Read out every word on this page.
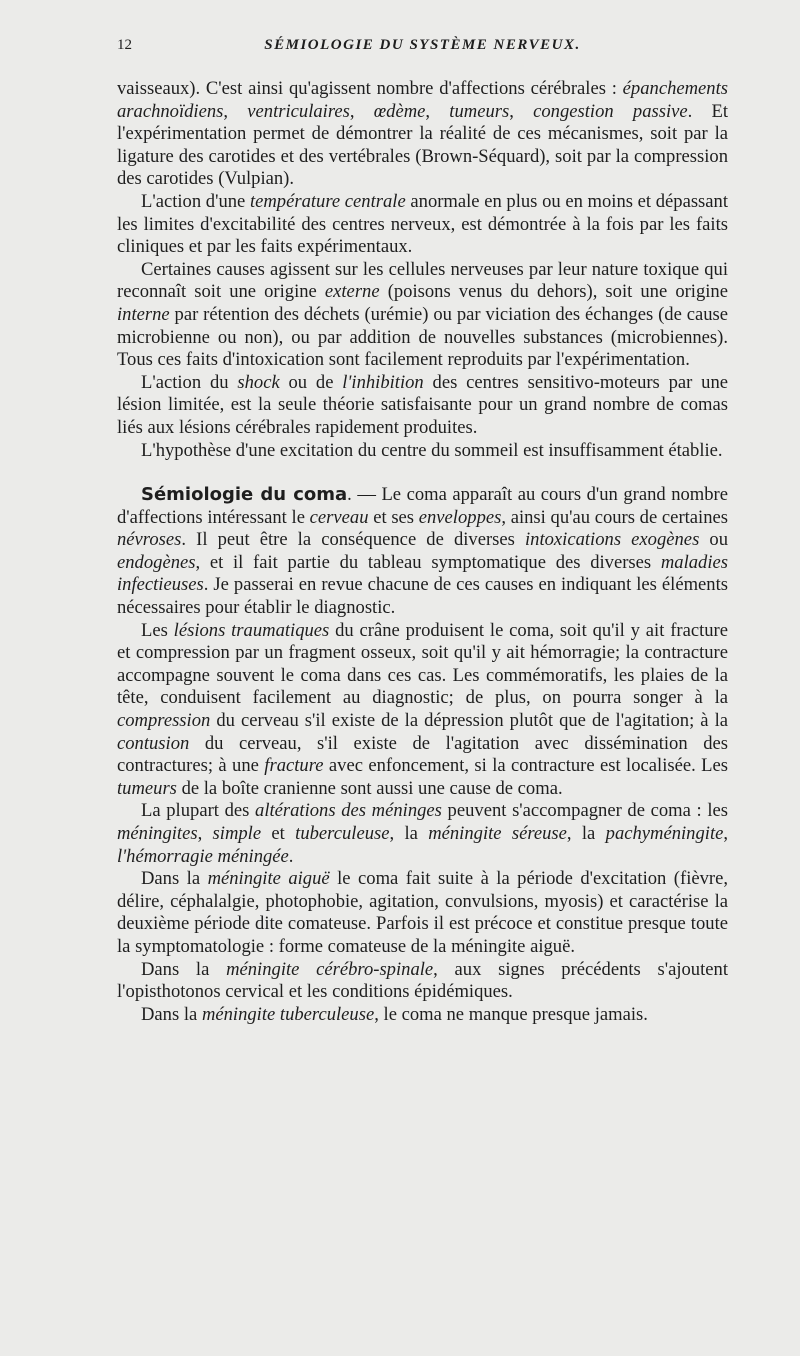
12	SÉMIOLOGIE DU SYSTÈME NERVEUX.

vaisseaux). C'est ainsi qu'agissent nombre d'affections cérébrales : épanchements arachnoïdiens, ventriculaires, œdème, tumeurs, congestion passive. Et l'expérimentation permet de démontrer la réalité de ces mécanismes, soit par la ligature des carotides et des vertébrales (Brown-Séquard), soit par la compression des carotides (Vulpian).

L'action d'une température centrale anormale en plus ou en moins et dépassant les limites d'excitabilité des centres nerveux, est démontrée à la fois par les faits cliniques et par les faits expérimentaux.

Certaines causes agissent sur les cellules nerveuses par leur nature toxique qui reconnaît soit une origine externe (poisons venus du dehors), soit une origine interne par rétention des déchets (urémie) ou par viciation des échanges (de cause microbienne ou non), ou par addition de nouvelles substances (microbiennes). Tous ces faits d'intoxication sont facilement reproduits par l'expérimentation.

L'action du shock ou de l'inhibition des centres sensitivo-moteurs par une lésion limitée, est la seule théorie satisfaisante pour un grand nombre de comas liés aux lésions cérébrales rapidement produites.

L'hypothèse d'une excitation du centre du sommeil est insuffisamment établie.

Sémiologie du coma. — Le coma apparaît au cours d'un grand nombre d'affections intéressant le cerveau et ses enveloppes, ainsi qu'au cours de certaines névroses. Il peut être la conséquence de diverses intoxications exogènes ou endogènes, et il fait partie du tableau symptomatique des diverses maladies infectieuses. Je passerai en revue chacune de ces causes en indiquant les éléments nécessaires pour établir le diagnostic.

Les lésions traumatiques du crâne produisent le coma, soit qu'il y ait fracture et compression par un fragment osseux, soit qu'il y ait hémorragie; la contracture accompagne souvent le coma dans ces cas. Les commémoratifs, les plaies de la tête, conduisent facilement au diagnostic; de plus, on pourra songer à la compression du cerveau s'il existe de la dépression plutôt que de l'agitation; à la contusion du cerveau, s'il existe de l'agitation avec dissémination des contractures; à une fracture avec enfoncement, si la contracture est localisée. Les tumeurs de la boîte cranienne sont aussi une cause de coma.

La plupart des altérations des méninges peuvent s'accompagner de coma : les méningites, simple et tuberculeuse, la méningite séreuse, la pachyméningite, l'hémorragie méningée.

Dans la méningite aiguë le coma fait suite à la période d'excitation (fièvre, délire, céphalalgie, photophobie, agitation, convulsions, myosis) et caractérise la deuxième période dite comateuse. Parfois il est précoce et constitue presque toute la symptomatologie : forme comateuse de la méningite aiguë.

Dans la méningite cérébro-spinale, aux signes précédents s'ajoutent l'opisthotonos cervical et les conditions épidémiques.

Dans la méningite tuberculeuse, le coma ne manque presque jamais.
